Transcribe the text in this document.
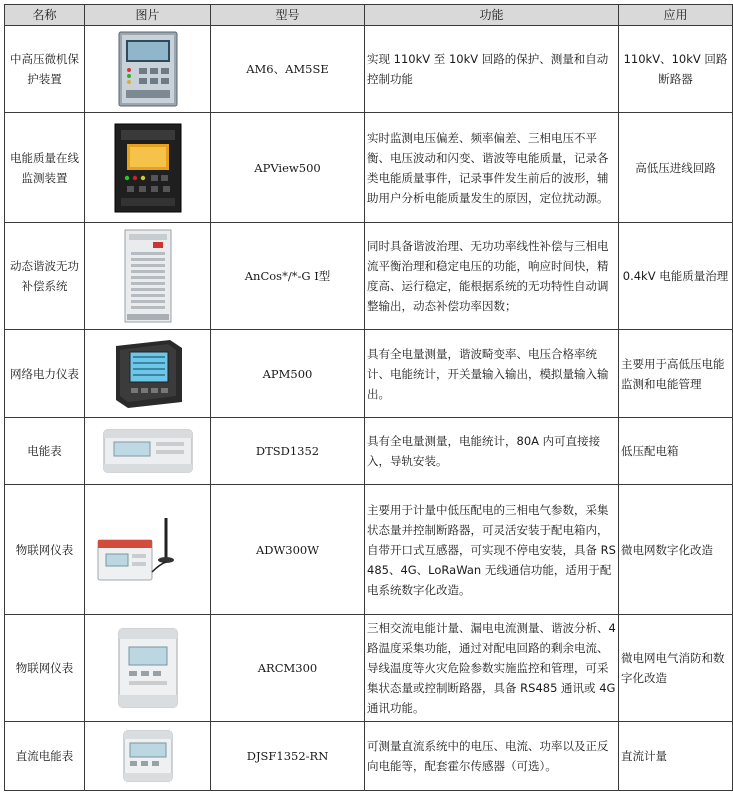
名称	图片	型号	功能	应用
中高压微机保护装置		AM6、AM5SE	实现 110kV 至 10kV 回路的保护、测量和自动控制功能	110kV、10kV 回路断路器
电能质量在线监测装置		APView500	实时监测电压偏差、频率偏差、三相电压不平衡、电压波动和闪变、谐波等电能质量，记录各类电能质量事件，记录事件发生前后的波形，辅助用户分析电能质量发生的原因，定位扰动源。	高低压进线回路
动态谐波无功补偿系统		AnCos*/*-G Ⅰ型	同时具备谐波治理、无功功率线性补偿与三相电流平衡治理和稳定电压的功能，响应时间快，精度高、运行稳定，能根据系统的无功特性自动调整输出，动态补偿功率因数；	0.4kV 电能质量治理
网络电力仪表		APM500	具有全电量测量，谐波畸变率、电压合格率统计、电能统计，开关量输入输出，模拟量输入输出。	主要用于高低压电能监测和电能管理
电能表		DTSD1352	具有全电量测量，电能统计，80A 内可直接接入，导轨安装。	低压配电箱
物联网仪表		ADW300W	主要用于计量中低压配电的三相电气参数，采集状态量并控制断路器，可灵活安装于配电箱内，自带开口式互感器，可实现不停电安装，具备 RS485、4G、LoRaWan 无线通信功能，适用于配电系统数字化改造。	微电网数字化改造
物联网仪表		ARCM300	三相交流电能计量、漏电电流测量、谐波分析、4 路温度采集功能，通过对配电回路的剩余电流、导线温度等火灾危险参数实施监控和管理，可采集状态量或控制断路器，具备 RS485 通讯或 4G 通讯功能。	微电网电气消防和数字化改造
直流电能表		DJSF1352-RN	可测量直流系统中的电压、电流、功率以及正反向电能等，配套霍尔传感器（可选）。	直流计量
